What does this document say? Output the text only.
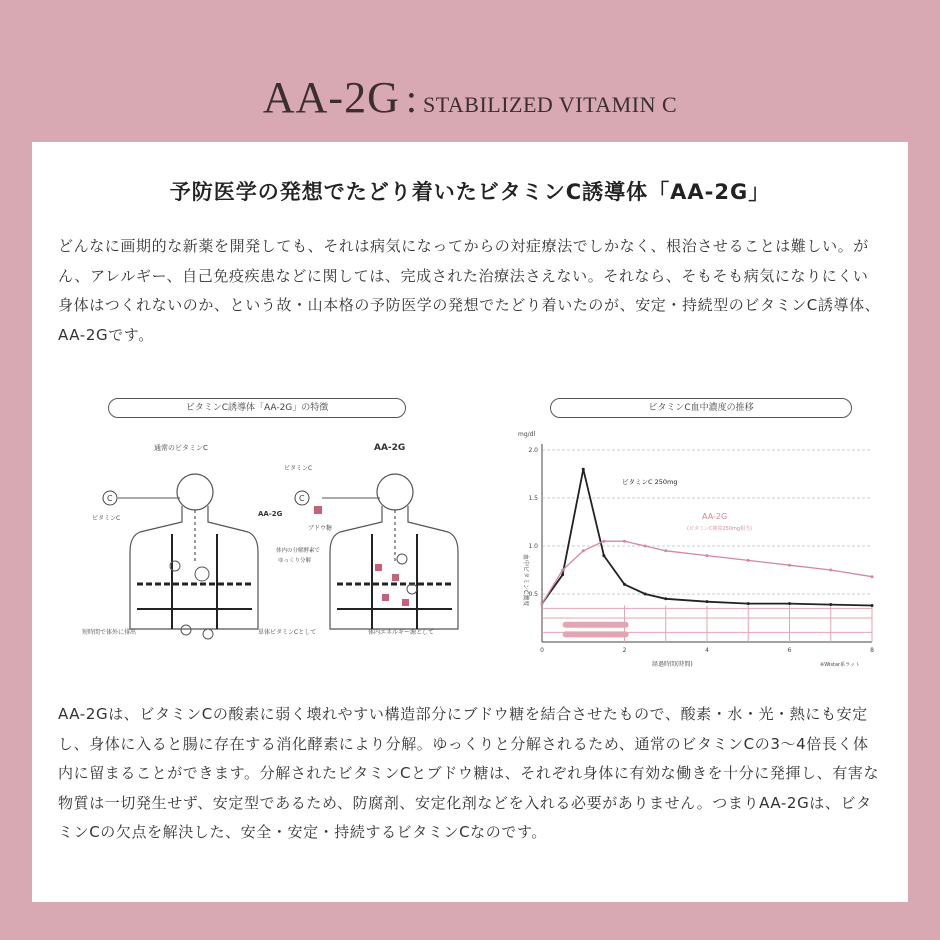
AA-2G : STABILIZED VITAMIN C
予防医学の発想でたどり着いたビタミンC誘導体「AA-2G」

どんなに画期的な新薬を開発しても、それは病気になってからの対症療法でしかなく、根治させることは難しい。がん、アレルギー、自己免疫疾患などに関しては、完成された治療法さえない。それなら、そもそも病気になりにくい身体はつくれないのか、という故・山本格の予防医学の発想でたどり着いたのが、安定・持続型のビタミンC誘導体、AA-2Gです。

ビタミンC誘導体「AA-2G」の特徴	ビタミンC血中濃度の推移
通常のビタミンC
C
ビタミンC
短時間で体外に排出
AA-2G
ビタミンC
C
AA-2G
ブドウ糖
体内の分解酵素で
ゆっくり分解
単体ビタミンCとして	体内エネルギー源として
mg/dl
血中ビタミンC濃度 0.5
1.0
1.5
2.0
0	2	4	6	8
ビタミンC 250mg
AA-2G
(ビタミンC換算250mg相当)
経過時間(時間)	※Wistar系ラット

AA-2Gは、ビタミンCの酸素に弱く壊れやすい構造部分にブドウ糖を結合させたもので、酸素・水・光・熱にも安定し、身体に入ると腸に存在する消化酵素により分解。ゆっくりと分解されるため、通常のビタミンCの3〜4倍長く体内に留まることができます。分解されたビタミンCとブドウ糖は、それぞれ身体に有効な働きを十分に発揮し、有害な物質は一切発生せず、安定型であるため、防腐剤、安定化剤などを入れる必要がありません。つまりAA-2Gは、ビタミンCの欠点を解決した、安全・安定・持続するビタミンCなのです。
